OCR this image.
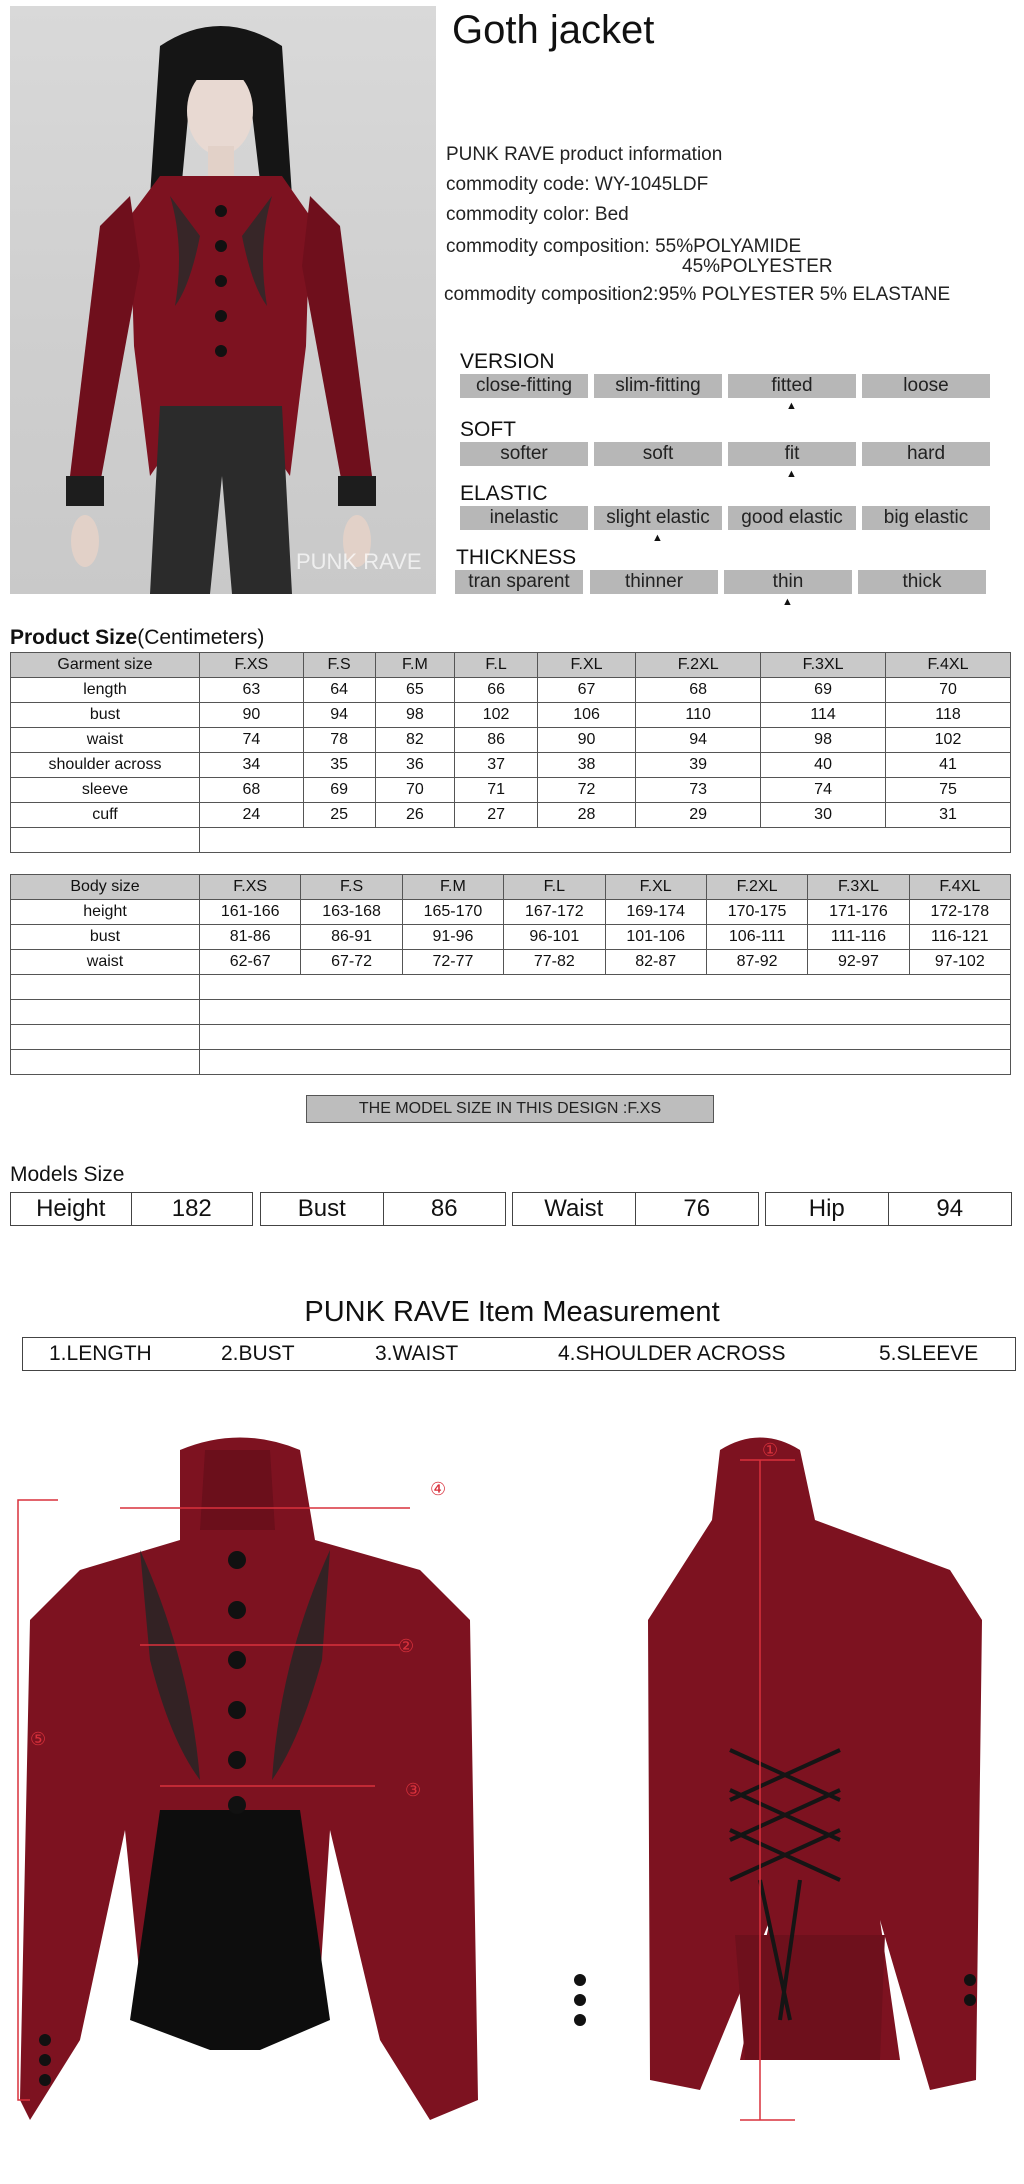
PUNK RAVE
Goth jacket
PUNK RAVE product information
commodity code: WY-1045LDF
commodity color: Bed
commodity composition: 55%POLYAMIDE
45%POLYESTER
commodity composition2:95% POLYESTER 5% ELASTANE
VERSION
close-fitting	slim-fitting	fitted	loose
▲
SOFT
softer	soft	fit	hard
▲
ELASTIC
inelastic	slight elastic	good elastic	big elastic
▲
THICKNESS
tran sparent	thinner	thin	thick
▲
Product Size(Centimeters)
Garment size	F.XS	F.S	F.M	F.L	F.XL	F.2XL	F.3XL	F.4XL
length	63	64	65	66	67	68	69	70
bust	90	94	98	102	106	110	114	118
waist	74	78	82	86	90	94	98	102
shoulder across	34	35	36	37	38	39	40	41
sleeve	68	69	70	71	72	73	74	75
cuff	24	25	26	27	28	29	30	31

Body size	F.XS	F.S	F.M	F.L	F.XL	F.2XL	F.3XL	F.4XL
height	161-166	163-168	165-170	167-172	169-174	170-175	171-176	172-178
bust	81-86	86-91	91-96	96-101	101-106	106-111	111-116	116-121
waist	62-67	67-72	72-77	77-82	82-87	87-92	92-97	97-102

THE MODEL SIZE IN THIS DESIGN :F.XS
Models Size
Height	182	Bust	86	Waist	76	Hip	94
PUNK RAVE Item Measurement
1.LENGTH	2.BUST	3.WAIST	4.SHOULDER ACROSS	5.SLEEVE
④
②
③
⑤
①
